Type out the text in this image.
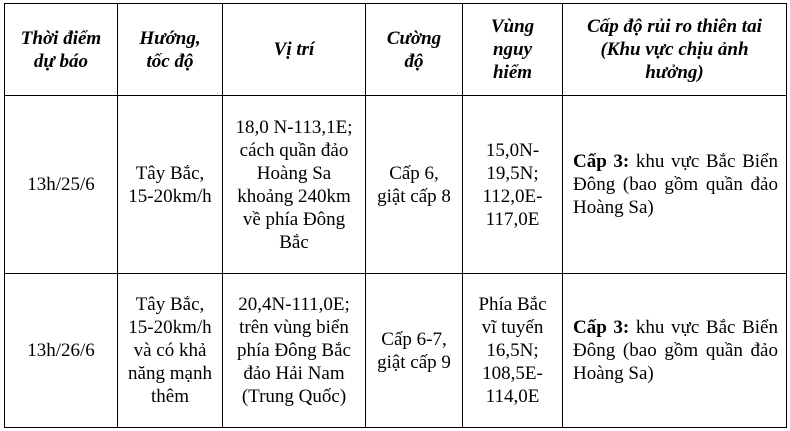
Thời điểm dự báo	Hướng, tốc độ	Vị trí	Cường độ	Vùng nguy hiểm	Cấp độ rủi ro thiên tai (Khu vực chịu ảnh hưởng)

13h/25/6	Tây Bắc, 15-20km/h	18,0 N-113,1E; cách quần đảo Hoàng Sa khoảng 240km về phía Đông Bắc	Cấp 6, giật cấp 8	15,0N-19,5N; 112,0E-117,0E	Cấp 3: khu vực Bắc Biển Đông (bao gồm quần đảo Hoàng Sa)

13h/26/6	Tây Bắc, 15-20km/h và có khả năng mạnh thêm	20,4N-111,0E; trên vùng biển phía Đông Bắc đảo Hải Nam (Trung Quốc)	Cấp 6-7, giật cấp 9	Phía Bắc vĩ tuyến 16,5N; 108,5E-114,0E	Cấp 3: khu vực Bắc Biển Đông (bao gồm quần đảo Hoàng Sa)
